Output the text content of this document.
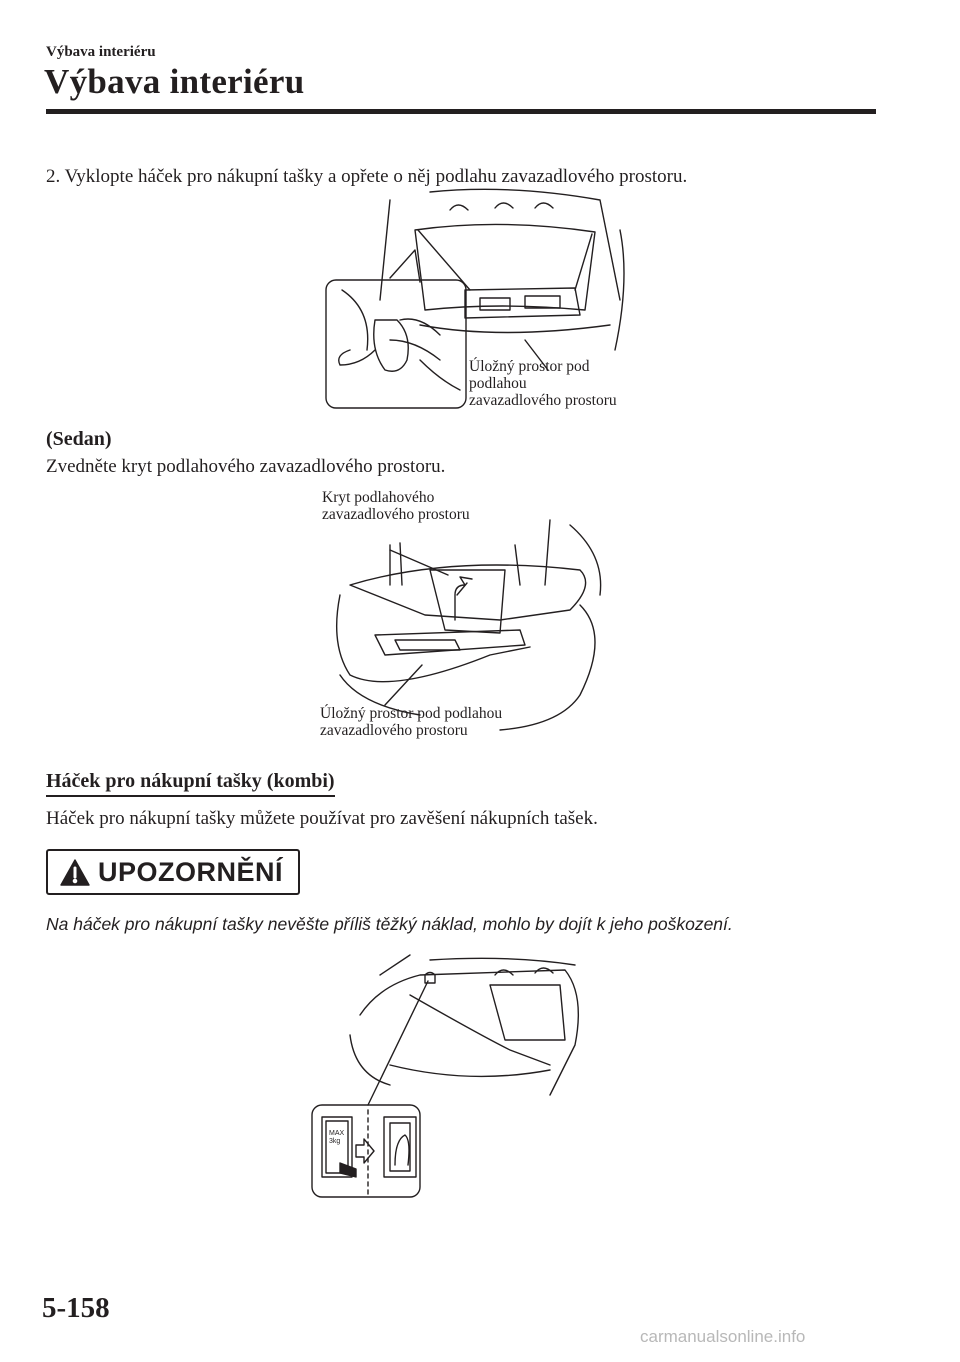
Výbava interiéru
Výbava interiéru
2. Vyklopte háček pro nákupní tašky a opřete o něj podlahu zavazadlového prostoru.
Úložný prostor pod
podlahou
zavazadlového prostoru
(Sedan)
Zvedněte kryt podlahového zavazadlového prostoru.
Kryt podlahového
zavazadlového prostoru
Úložný prostor pod podlahou
zavazadlového prostoru
Háček pro nákupní tašky (kombi)
Háček pro nákupní tašky můžete používat pro zavěšení nákupních tašek.
UPOZORNĚNÍ
Na háček pro nákupní tašky nevěšte příliš těžký náklad, mohlo by dojít k jeho poškození.
MAX
3kg
5-158
carmanualsonline.info
